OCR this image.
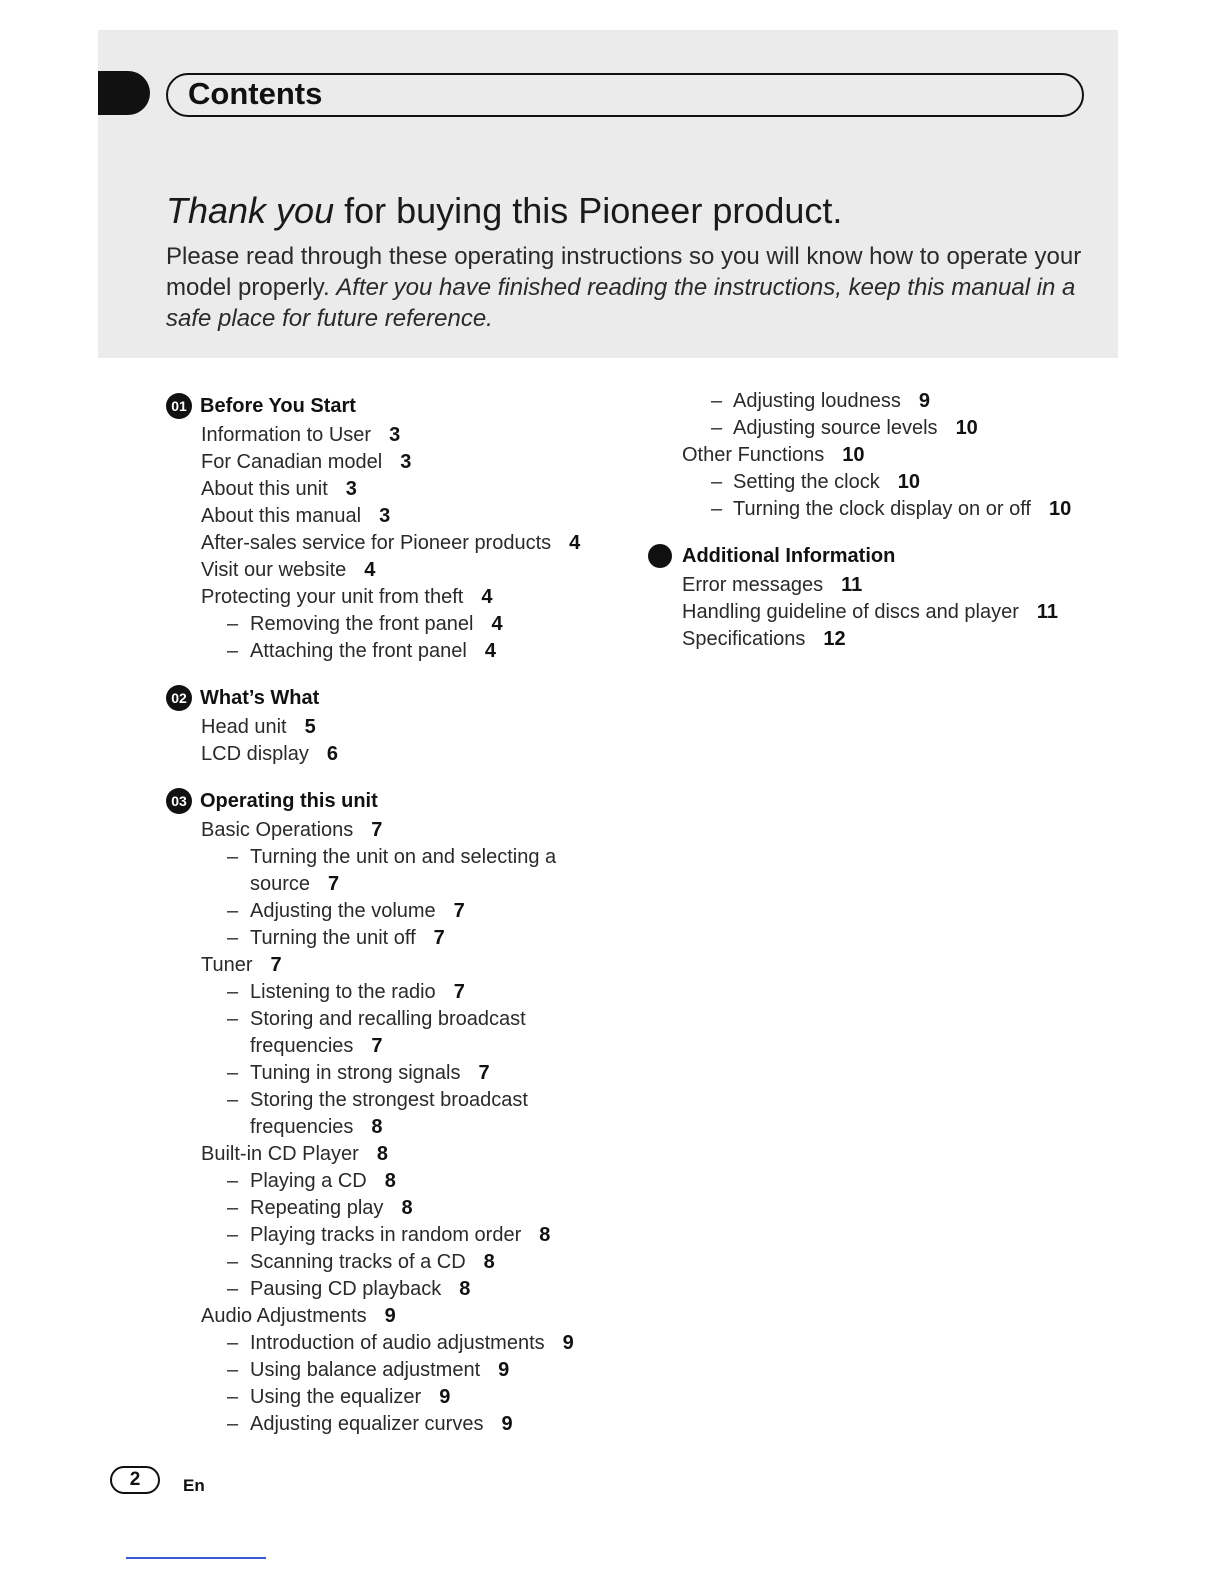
Contents
Thank you for buying this Pioneer product.
Please read through these operating instructions so you will know how to operate your model properly. After you have finished reading the instructions, keep this manual in a safe place for future reference.
01 Before You Start
Information to User 3
For Canadian model 3
About this unit 3
About this manual 3
After-sales service for Pioneer products 4
Visit our website 4
Protecting your unit from theft 4
– Removing the front panel 4
– Attaching the front panel 4
02 What’s What
Head unit 5
LCD display 6
03 Operating this unit
Basic Operations 7
– Turning the unit on and selecting a
source 7
– Adjusting the volume 7
– Turning the unit off 7
Tuner 7
– Listening to the radio 7
– Storing and recalling broadcast
frequencies 7
– Tuning in strong signals 7
– Storing the strongest broadcast
frequencies 8
Built-in CD Player 8
– Playing a CD 8
– Repeating play 8
– Playing tracks in random order 8
– Scanning tracks of a CD 8
– Pausing CD playback 8
Audio Adjustments 9
– Introduction of audio adjustments 9
– Using balance adjustment 9
– Using the equalizer 9
– Adjusting equalizer curves 9
– Adjusting loudness 9
– Adjusting source levels 10
Other Functions 10
– Setting the clock 10
– Turning the clock display on or off 10
Additional Information
Error messages 11
Handling guideline of discs and player 11
Specifications 12
2	En
